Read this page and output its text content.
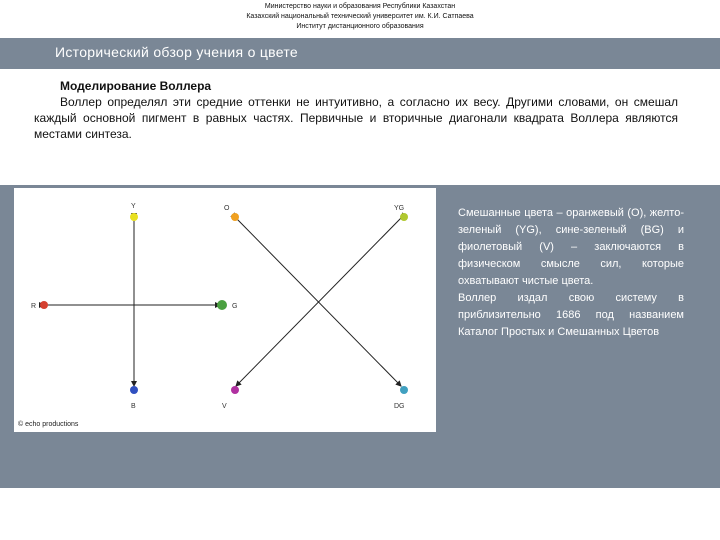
Министерство науки и образования Республики Казахстан
Казахский национальный технический университет им. К.И. Сатпаева
Институт дистанционного образования
Исторический обзор учения о цвете
Моделирование Воллера

Воллер определял эти средние оттенки не интуитивно, а согласно их весу. Другими словами, он смешал каждый основной пигмент в равных частях. Первичные и вторичные диагонали квадрата Воллера являются местами синтеза.

Y
R	G
B
O	YG
V	DG
© echo productions

Смешанные цвета – оранжевый (O), желто-зеленый (YG), сине-зеленый (BG) и фиолетовый (V) – заключаются в физическом смысле сил, которые охватывают чистые цвета.

Воллер издал свою систему в приблизительно 1686 под названием Каталог Простых и Смешанных Цветов
